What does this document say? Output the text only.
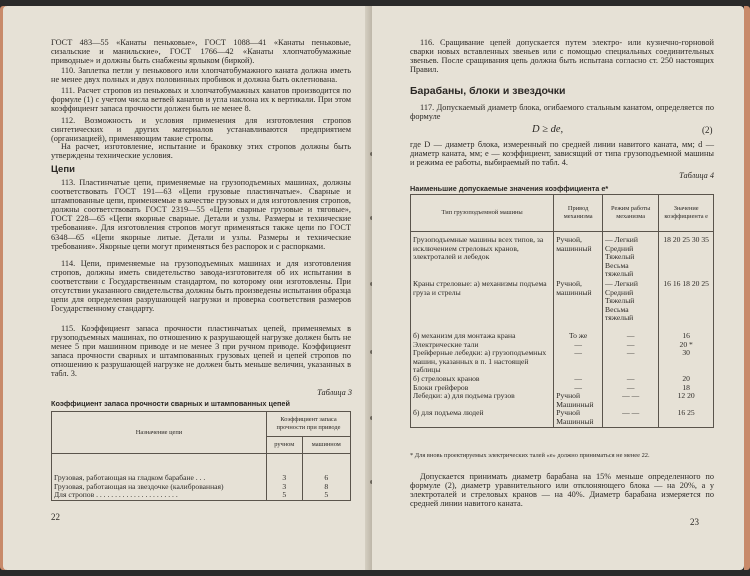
ГОСТ 483—55 «Канаты пеньковые», ГОСТ 1088—41 «Канаты пеньковые, сизальские и манильские», ГОСТ 1766—42 «Канаты хлопчатобумажные приводные» и должны быть снабжены ярлыком (биркой).
110. Заплетка петли у пенькового или хлопчатобумажного каната должна иметь не менее двух полных и двух половинных пробивок и должна быть оклетнована.
111. Расчет стропов из пеньковых и хлопчатобумажных канатов производится по формуле (1) с учетом числа ветвей канатов и угла наклона их к вертикали. При этом коэффициент запаса прочности должен быть не менее 8.
112. Возможность и условия применения для изготовления стропов синтетических и других материалов устанавливаются предприятием (организацией), применяющим такие стропы.
На расчет, изготовление, испытание и браковку этих стропов должны быть утверждены технические условия.
Цепи
113. Пластинчатые цепи, применяемые на грузоподъемных машинах, должны соответствовать ГОСТ 191—63 «Цепи грузовые пластинчатые». Сварные и штампованные цепи, применяемые в качестве грузовых и для изготовления стропов, должны соответствовать ГОСТ 2319—55 «Цепи сварные грузовые и тяговые», ГОСТ 228—65 «Цепи якорные сварные. Детали и узлы. Размеры и технические требования». Для изготовления стропов могут применяться также цепи по ГОСТ 6348—65 «Цепи якорные литые. Детали и узлы. Размеры и технические требования». Якорные цепи могут применяться без распорок и с распорками.
114. Цепи, применяемые на грузоподъемных машинах и для изготовления стропов, должны иметь свидетельство завода-изготовителя об их испытании в соответствии с Государственным стандартом, по которому они изготовлены. При отсутствии указанного свидетельства должны быть произведены испытания образца цепи для определения разрушающей нагрузки и проверка соответствия размеров Государственному стандарту.
115. Коэффициент запаса прочности пластинчатых цепей, применяемых в грузоподъемных машинах, по отношению к разрушающей нагрузке должен быть не менее 5 при машинном приводе и не менее 3 при ручном приводе. Коэффициент запаса прочности сварных и штампованных грузовых цепей и цепей стропов по отношению к разрушающей нагрузке не должен быть меньше величин, указанных в табл. 3.
Таблица 3
Коэффициент запаса прочности сварных и штампованных цепей
Назначение цепи	Коэффициент запаса прочности при приводе	
	ручном	машинном
Грузовая, работающая на гладком барабане . . .	3	6
Грузовая, работающая на звездочке (калиброванная)	3	8
Для стропов . . . . . . . . . . . . . . . . . . . . . .	5	5
22
116. Сращивание цепей допускается путем электро- или кузнечно-горновой сварки новых вставленных звеньев или с помощью специальных соединительных звеньев. После сращивания цепь должна быть испытана согласно ст. 250 настоящих Правил.
Барабаны, блоки и звездочки
117. Допускаемый диаметр блока, огибаемого стальным канатом, определяется по формуле
D ≥ de,	(2)
где D — диаметр блока, измеренный по средней линии навитого каната, мм; d — диаметр каната, мм; е — коэффициент, зависящий от типа грузоподъемной машины и режима ее работы, выбираемый по табл. 4.
Таблица 4
Наименьшие допускаемые значения коэффициента е*
Тип грузоподъемной машины	Привод механизма	Режим работы механизма	Значение коэффициента е
Грузоподъемные машины всех типов, за исключением стреловых кранов, электроталей и лебедок	Ручной, машинный	— Легкий Средний Тяжелый Весьма тяжелый	18 20 25 30 35
Краны стреловые: а) механизмы подъема груза и стрелы	Ручной, машинный	— Легкий Средний Тяжелый Весьма тяжелый	16 16 18 20 25
б) механизм для монтажа крана	То же	—	16
Электрические тали	—	—	20 *
Грейферные лебедки: а) грузоподъемных машин, указанных в п. 1 настоящей таблицы	—	—	30
б) стреловых кранов	—	—	20
Блоки грейферов	—	—	18
Лебедки: а) для подъема грузов	Ручной Машинный	— —	12 20
б) для подъема людей	Ручной Машинный	— —	16 25
* Для вновь проектируемых электрических талей «е» должно приниматься не менее 22.
Допускается принимать диаметр барабана на 15% меньше определенного по формуле (2), диаметр уравнительного или отклоняющего блока — на 20%, а у электроталей и стреловых кранов — на 40%. Диаметр барабана измеряется по средней линии навитого каната.
23
